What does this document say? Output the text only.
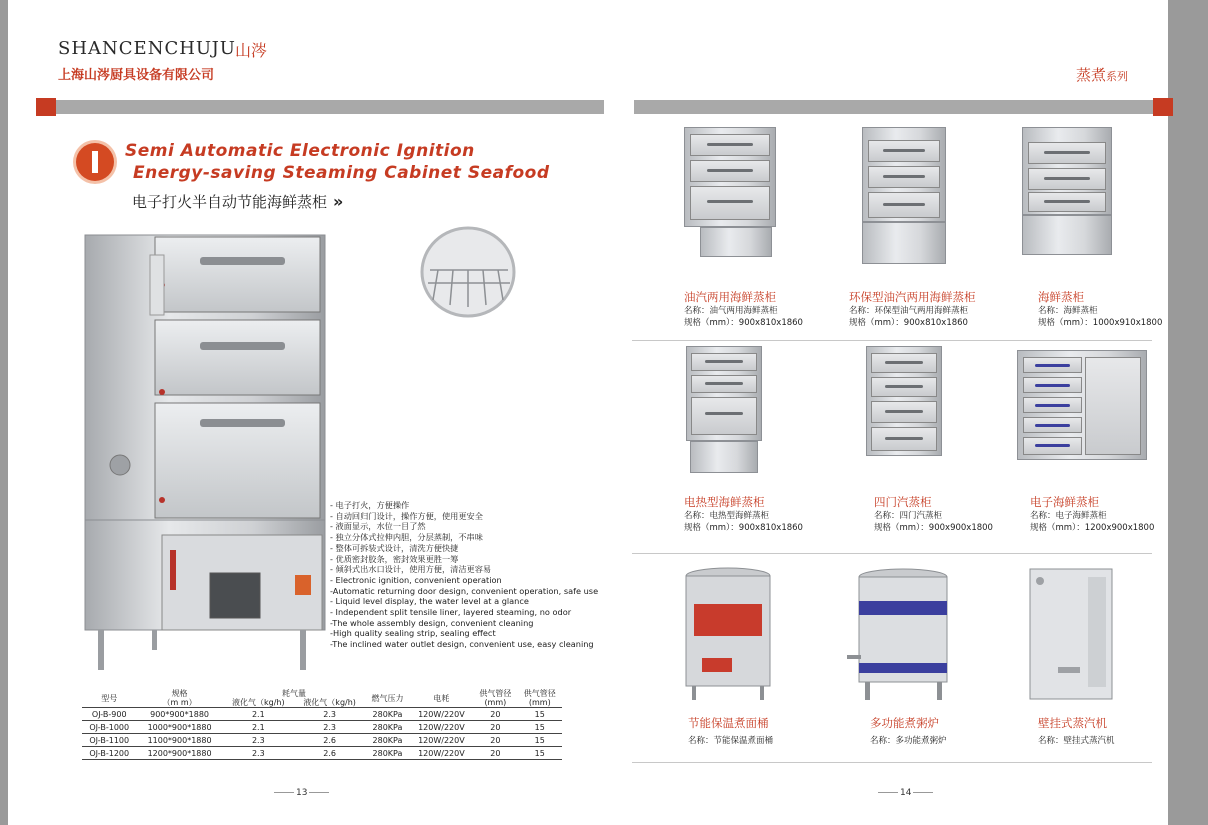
SHANCENCHUJU 山涔
上海山涔厨具设备有限公司	蒸煮系列
Semi Automatic Electronic Ignition
Energy-saving Steaming Cabinet Seafood
电子打火半自动节能海鲜蒸柜 »
- 电子打火，方便操作
- 自动回归门设计，操作方便，使用更安全
- 液面显示，水位一目了然
- 独立分体式拉伸内胆，分层蒸制，不串味
- 整体可拆装式设计，清洗方便快捷
- 优质密封胶条，密封效果更胜一筹
- 倾斜式出水口设计，使用方便，清洁更容易
- Electronic ignition, convenient operation
-Automatic returning door design, convenient operation, safe use
- Liquid level display, the water level at a glance
- Independent split tensile liner, layered steaming, no odor
-The whole assembly design, convenient cleaning
-High quality sealing strip, sealing effect
-The inclined water outlet design, convenient use, easy cleaning
型号	规格	耗气量		燃气压力	电耗	供气管径	供气管径
	（m m）	液化气（kg/h)	液化气（kg/h)			(mm)	(mm)
OJ-B-900	900*900*1880	2.1	2.3	280KPa	120W/220V	20	15
OJ-B-1000	1000*900*1880	2.1	2.3	280KPa	120W/220V	20	15
OJ-B-1100	1100*900*1880	2.3	2.6	280KPa	120W/220V	20	15
OJ-B-1200	1200*900*1880	2.3	2.6	280KPa	120W/220V	20	15
13	14
油汽两用海鲜蒸柜
名称：油气两用海鲜蒸柜
规格（mm）：900x810x1860
环保型油汽两用海鲜蒸柜
名称：环保型油气两用海鲜蒸柜
规格（mm）：900x810x1860
海鲜蒸柜
名称：海鲜蒸柜
规格（mm）：1000x910x1800
电热型海鲜蒸柜
名称：电热型海鲜蒸柜
规格（mm）：900x810x1860
四门汽蒸柜
名称：四门汽蒸柜
规格（mm）：900x900x1800
电子海鲜蒸柜
名称：电子海鲜蒸柜
规格（mm）：1200x900x1800
节能保温煮面桶
名称：节能保温煮面桶
多功能煮粥炉
名称：多功能煮粥炉
壁挂式蒸汽机
名称：壁挂式蒸汽机
